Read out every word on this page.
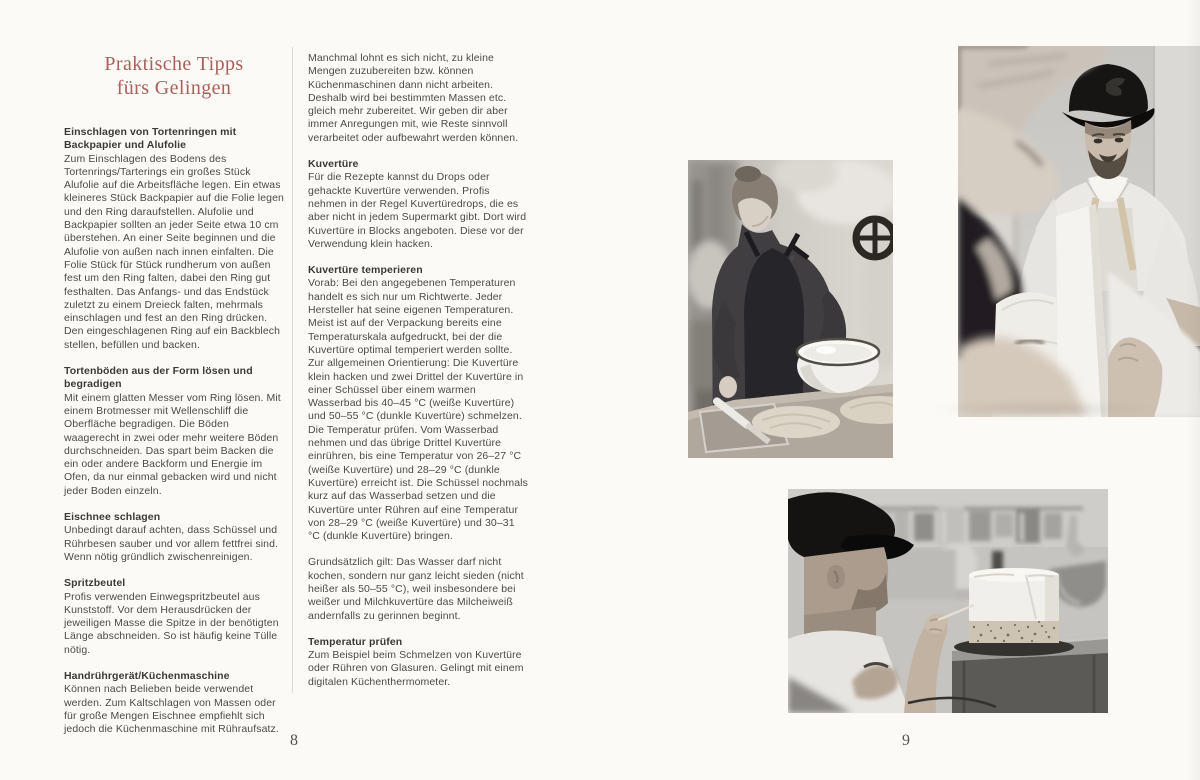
Praktische Tipps
fürs Gelingen
Einschlagen von Tortenringen mit Backpapier und Alufolie

Zum Einschlagen des Bodens des Tortenrings/Tarterings ein großes Stück Alufolie auf die Arbeitsfläche legen. Ein etwas kleineres Stück Backpapier auf die Folie legen und den Ring daraufstellen. Alufolie und Backpapier sollten an jeder Seite etwa 10 cm überstehen. An einer Seite beginnen und die Alufolie von außen nach innen einfalten. Die Folie Stück für Stück rundherum von außen fest um den Ring falten, dabei den Ring gut festhalten. Das Anfangs- und das Endstück zuletzt zu einem Dreieck falten, mehrmals einschlagen und fest an den Ring drücken. Den eingeschlagenen Ring auf ein Backblech stellen, befüllen und backen.

Tortenböden aus der Form lösen und begradigen

Mit einem glatten Messer vom Ring lösen. Mit einem Brotmesser mit Wellenschliff die Oberfläche begradigen. Die Böden waagerecht in zwei oder mehr weitere Böden durchschneiden. Das spart beim Backen die ein oder andere Backform und Energie im Ofen, da nur einmal gebacken wird und nicht jeder Boden einzeln.

Eischnee schlagen

Unbedingt darauf achten, dass Schüssel und Rührbesen sauber und vor allem fettfrei sind. Wenn nötig gründlich zwischenreinigen.

Spritzbeutel

Profis verwenden Einwegspritzbeutel aus Kunststoff. Vor dem Herausdrücken der jeweiligen Masse die Spitze in der benötigten Länge abschneiden. So ist häufig keine Tülle nötig.

Handrührgerät/Küchenmaschine

Können nach Belieben beide verwendet werden. Zum Kaltschlagen von Massen oder für große Mengen Eischnee empfiehlt sich jedoch die Küchenmaschine mit Rühraufsatz.

Manchmal lohnt es sich nicht, zu kleine Mengen zuzubereiten bzw. können Küchenmaschinen dann nicht arbeiten. Deshalb wird bei bestimmten Massen etc. gleich mehr zubereitet. Wir geben dir aber immer Anregungen mit, wie Reste sinnvoll verarbeitet oder aufbewahrt werden können.

Kuvertüre

Für die Rezepte kannst du Drops oder gehackte Kuvertüre verwenden. Profis nehmen in der Regel Kuvertüredrops, die es aber nicht in jedem Supermarkt gibt. Dort wird Kuvertüre in Blocks angeboten. Diese vor der Verwendung klein hacken.

Kuvertüre temperieren

Vorab: Bei den angegebenen Temperaturen handelt es sich nur um Richtwerte. Jeder Hersteller hat seine eigenen Temperaturen. Meist ist auf der Verpackung bereits eine Temperaturskala aufgedruckt, bei der die Kuvertüre optimal temperiert werden sollte. Zur allgemeinen Orientierung: Die Kuvertüre klein hacken und zwei Drittel der Kuvertüre in einer Schüssel über einem warmen Wasserbad bis 40–45 °C (weiße Kuvertüre) und 50–55 °C (dunkle Kuvertüre) schmelzen. Die Temperatur prüfen. Vom Wasserbad nehmen und das übrige Drittel Kuvertüre einrühren, bis eine Temperatur von 26–27 °C (weiße Kuvertüre) und 28–29 °C (dunkle Kuvertüre) erreicht ist. Die Schüssel nochmals kurz auf das Wasserbad setzen und die Kuvertüre unter Rühren auf eine Temperatur von 28–29 °C (weiße Kuvertüre) und 30–31 °C (dunkle Kuvertüre) bringen.

Grundsätzlich gilt: Das Wasser darf nicht kochen, sondern nur ganz leicht sieden (nicht heißer als 50–55 °C), weil insbesondere bei weißer und Milchkuvertüre das Milcheiweiß andernfalls zu gerinnen beginnt.

Temperatur prüfen

Zum Beispiel beim Schmelzen von Kuvertüre oder Rühren von Glasuren. Gelingt mit einem digitalen Küchenthermometer.

8	9
